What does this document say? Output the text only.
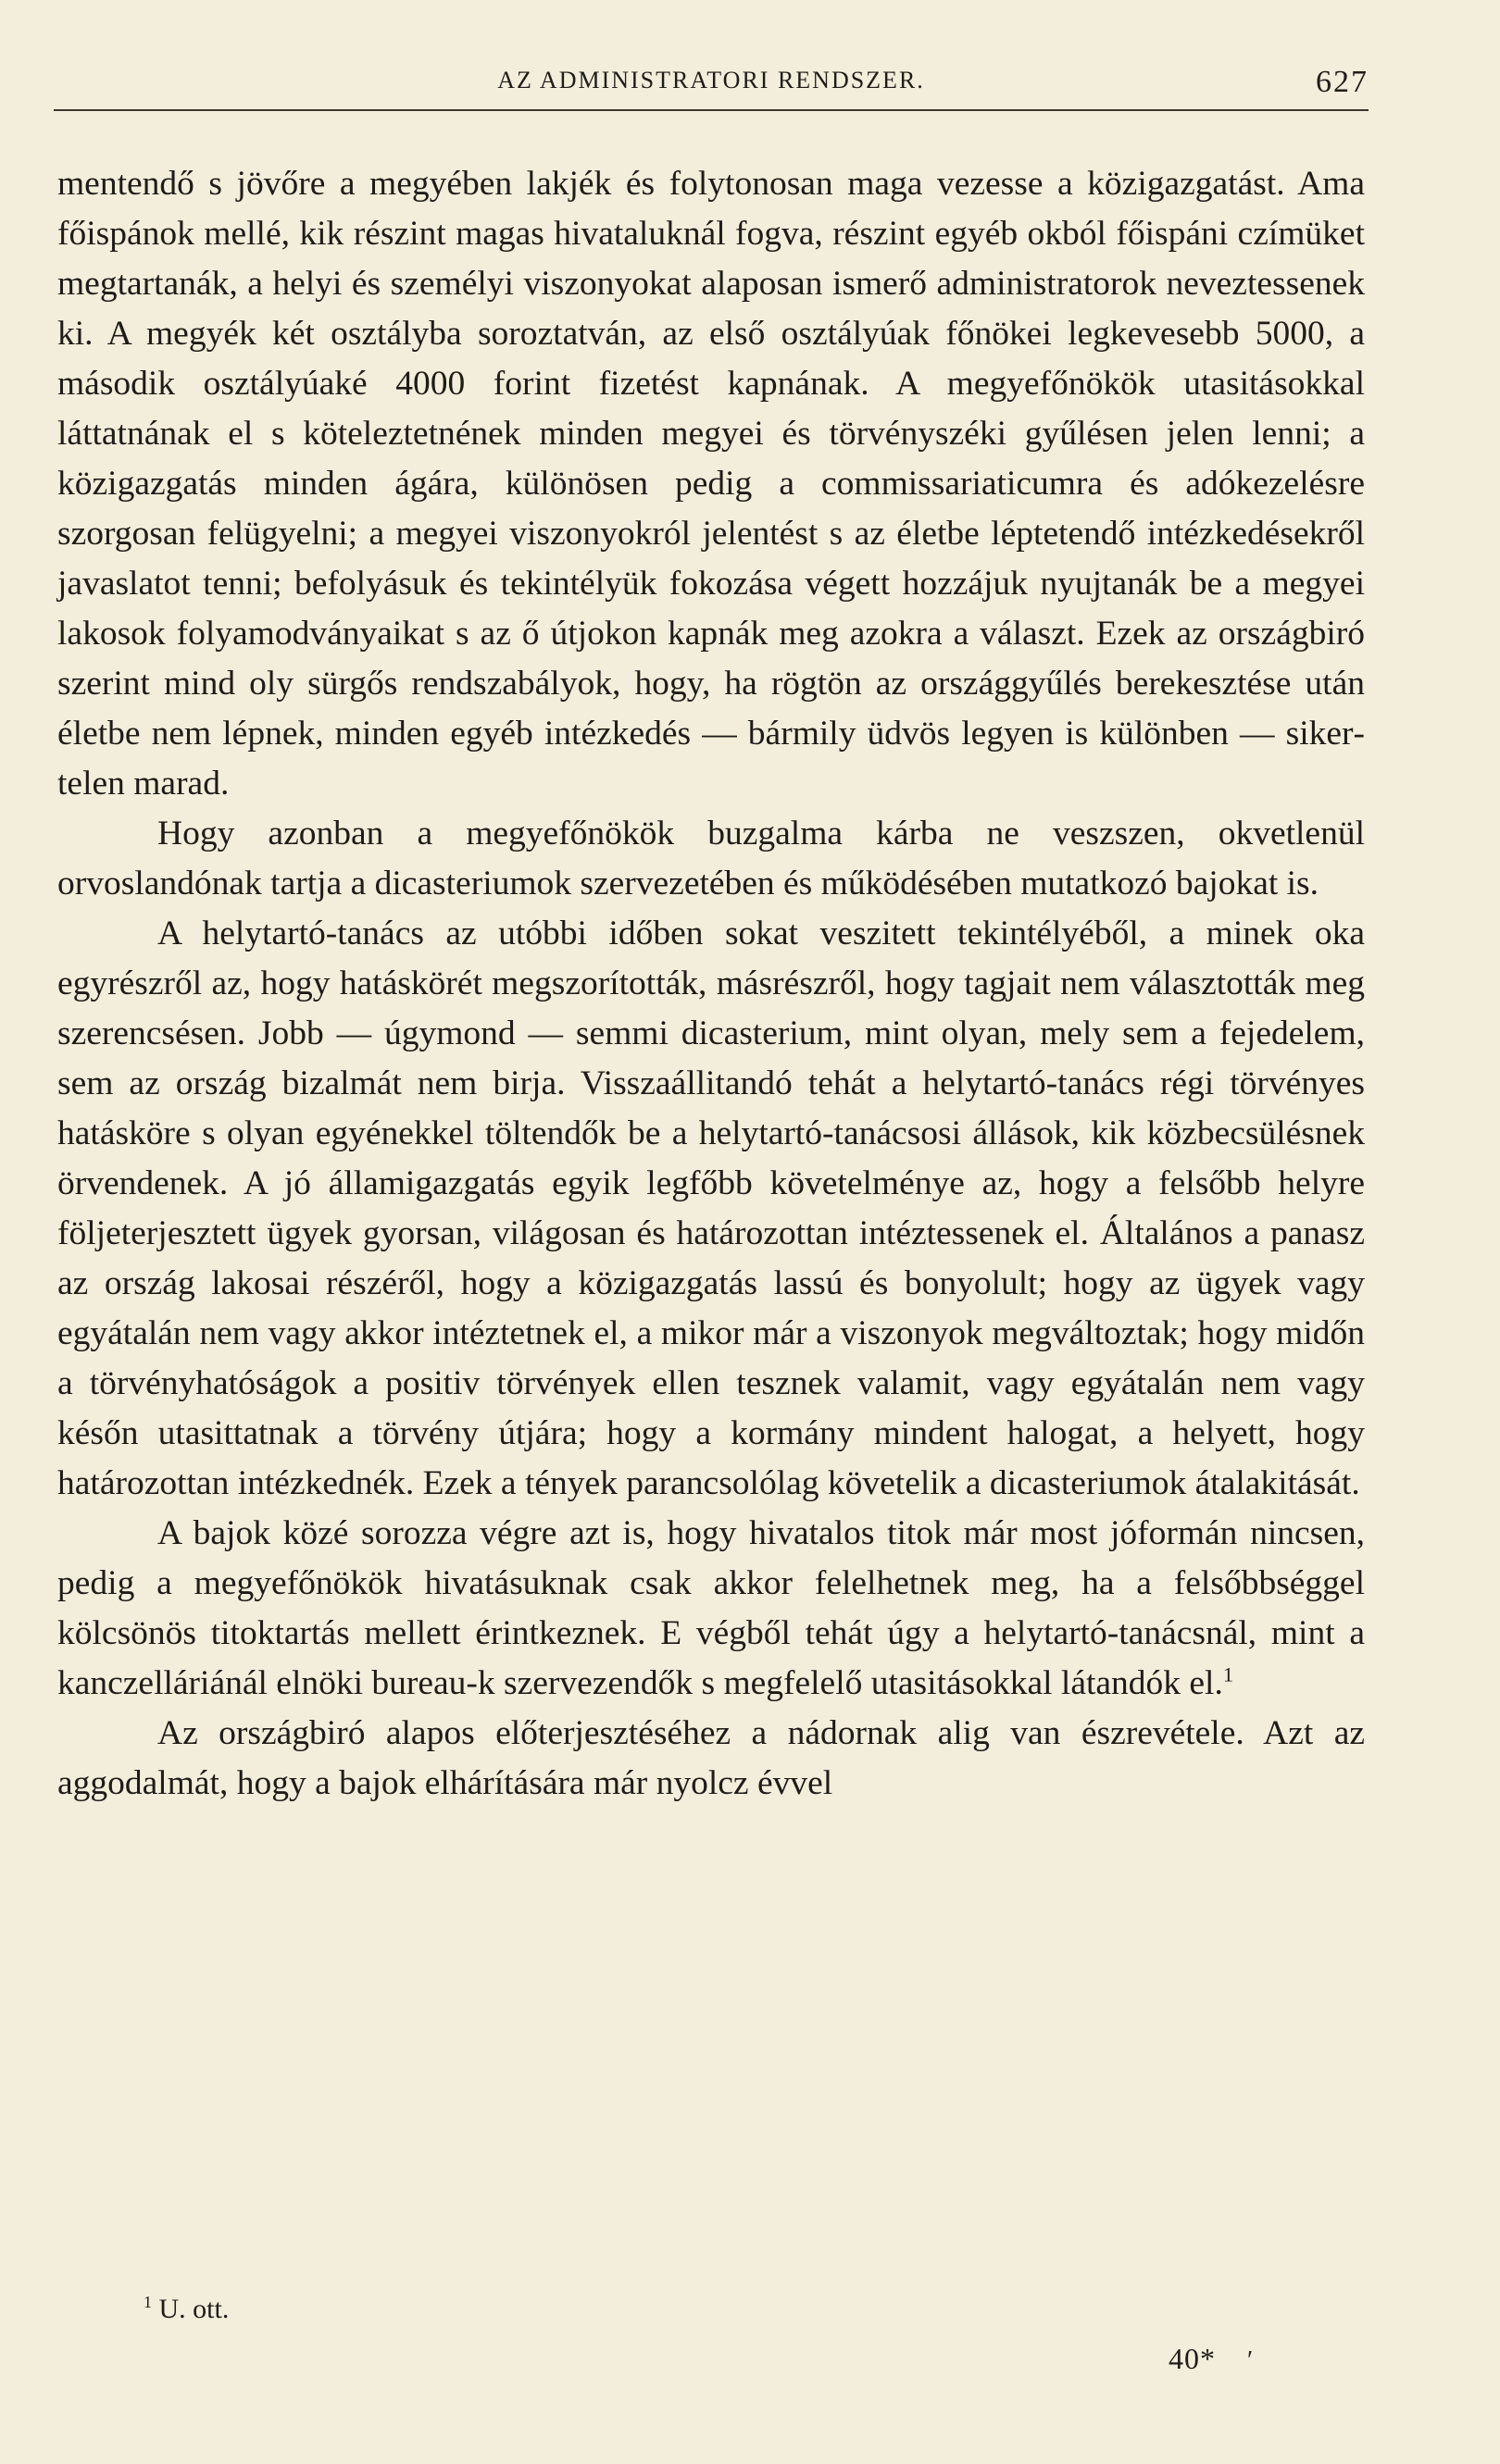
AZ ADMINISTRATORI RENDSZER.	627

mentendő s jövőre a megyében lakjék és folytonosan maga vezesse a közigazgatást. Ama főispánok mellé, kik részint magas hivataluknál fogva, részint egyéb okból főispáni czímüket megtartanák, a helyi és személyi viszonyokat alaposan ismerő administratorok neveztessenek ki. A megyék két osztályba soroztatván, az első osztályúak főnökei legkevesebb 5000, a második osztályúaké 4000 forint fizetést kapnának. A megyefőnökök utasitásokkal láttatnának el s köteleztetnének minden megyei és törvényszéki gyűlésen jelen lenni; a közigazgatás minden ágára, különösen pedig a commissariaticumra és adókezelésre szorgosan felügyelni; a megyei viszonyokról jelentést s az életbe léptetendő intézkedésekről javaslatot tenni; befolyásuk és tekintélyük fokozása végett hozzájuk nyujtanák be a megyei lakosok folyamodványaikat s az ő útjokon kapnák meg azokra a választ. Ezek az országbiró szerint mind oly sürgős rendszabályok, hogy, ha rögtön az országgyűlés berekesztése után életbe nem lépnek, minden egyéb intézkedés — bármily üdvös legyen is különben — sikertelen marad.

Hogy azonban a megyefőnökök buzgalma kárba ne veszszen, okvetlenül orvoslandónak tartja a dicasteriumok szervezetében és működésében mutatkozó bajokat is.

A helytartó-tanács az utóbbi időben sokat veszitett tekintélyéből, a minek oka egyrészről az, hogy hatáskörét megszorították, másrészről, hogy tagjait nem választották meg szerencsésen. Jobb — úgymond — semmi dicasterium, mint olyan, mely sem a fejedelem, sem az ország bizalmát nem birja. Visszaállitandó tehát a helytartó-tanács régi törvényes hatásköre s olyan egyénekkel töltendők be a helytartó-tanácsosi állások, kik közbecsülésnek örvendenek. A jó államigazgatás egyik legfőbb követelménye az, hogy a felsőbb helyre följeterjesztett ügyek gyorsan, világosan és határozottan intéztessenek el. Általános a panasz az ország lakosai részéről, hogy a közigazgatás lassú és bonyolult; hogy az ügyek vagy egyátalán nem vagy akkor intéztetnek el, a mikor már a viszonyok megváltoztak; hogy midőn a törvényhatóságok a positiv törvények ellen tesznek valamit, vagy egyátalán nem vagy későn utasittatnak a törvény útjára; hogy a kormány mindent halogat, a helyett, hogy határozottan intézkednék. Ezek a tények parancsolólag követelik a dicasteriumok átalakitását.

A bajok közé sorozza végre azt is, hogy hivatalos titok már most jóformán nincsen, pedig a megyefőnökök hivatásuknak csak akkor felelhetnek meg, ha a felsőbbséggel kölcsönös titoktartás mellett érintkeznek. E végből tehát úgy a helytartó-tanácsnál, mint a kanczelláriánál elnöki bureau-k szervezendők s megfelelő utasitásokkal látandók el.$^1$

Az országbiró alapos előterjesztéséhez a nádornak alig van észrevétele. Azt az aggodalmát, hogy a bajok elhárítására már nyolcz évvel

$^1$ U. ott.
40* ′
